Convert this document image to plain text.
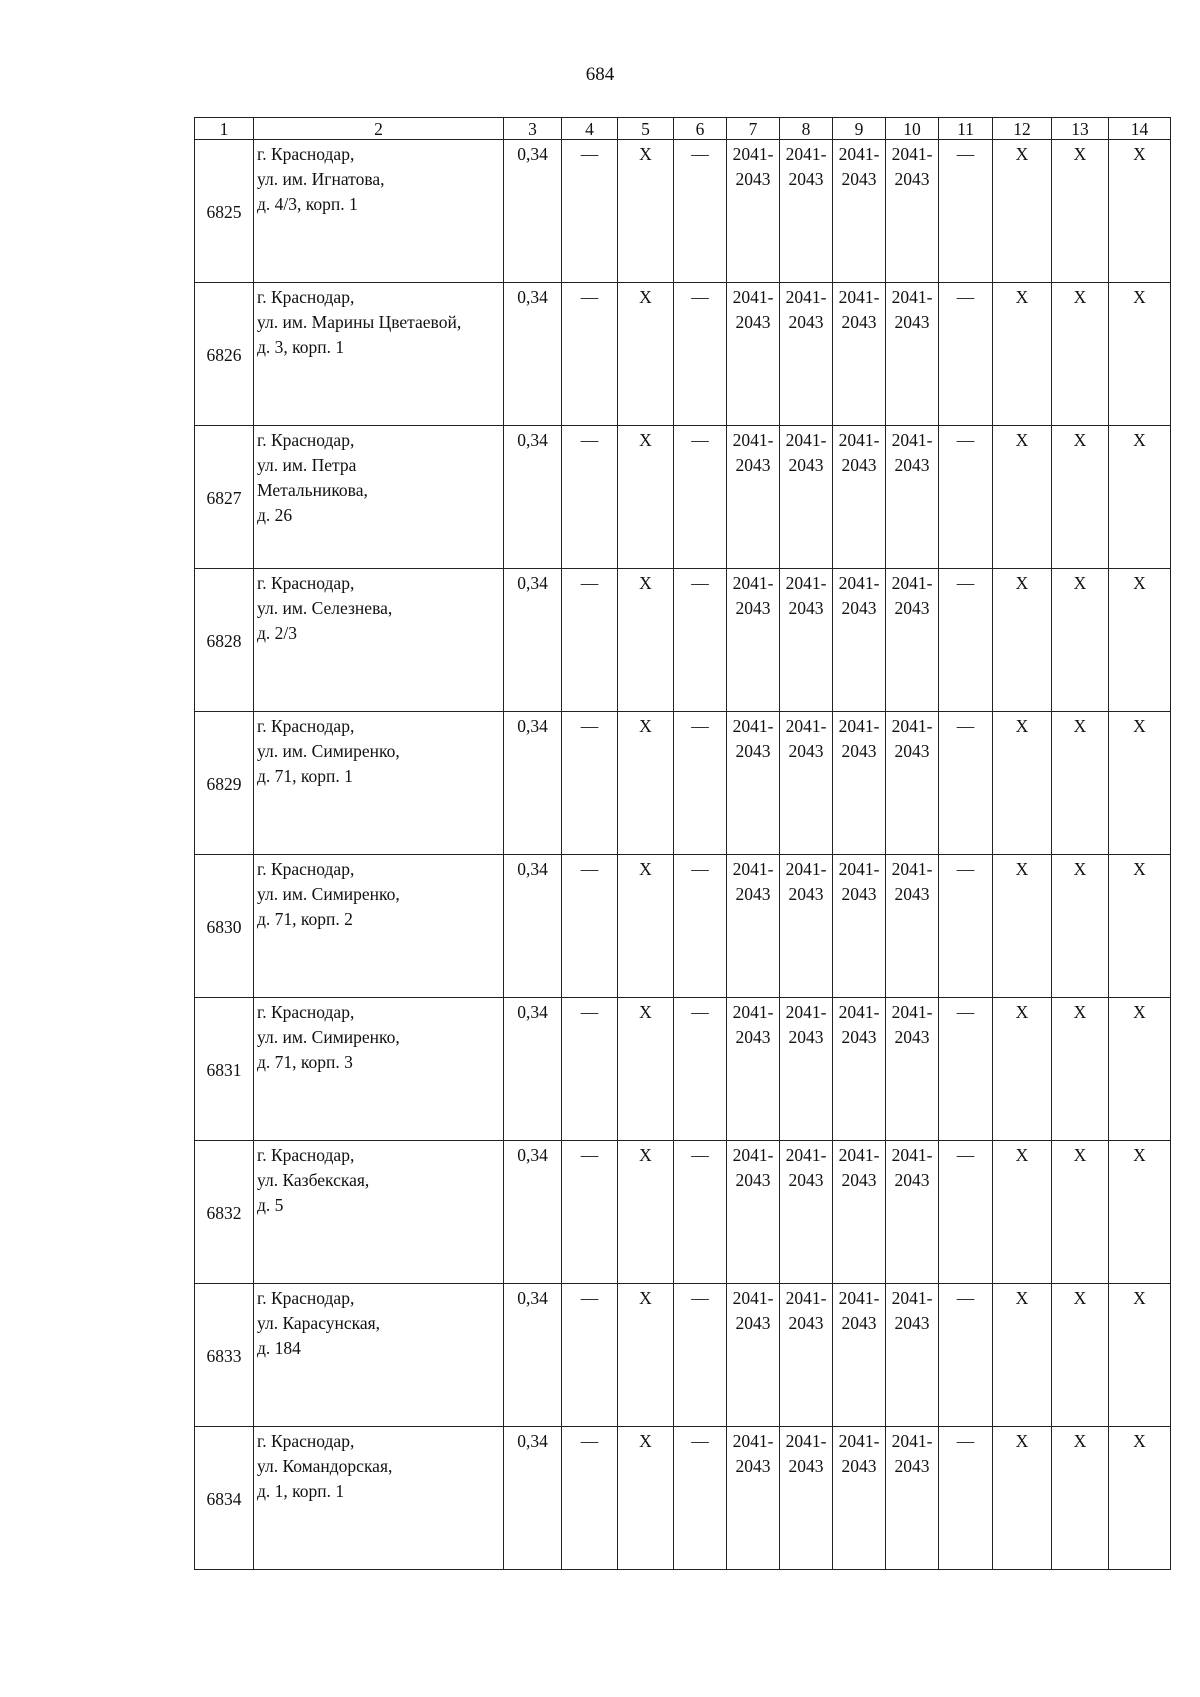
684
1	2	3	4	5	6	7	8	9	10	11	12	13	14
6825	г. Краснодар,
ул. им. Игнатова,
д. 4/3, корп. 1	0,34	—	Х	—	2041-2043	2041-2043	2041-2043	2041-2043	—	Х	Х	Х
6826	г. Краснодар,
ул. им. Марины Цветаевой,
д. 3, корп. 1	0,34	—	Х	—	2041-2043	2041-2043	2041-2043	2041-2043	—	Х	Х	Х
6827	г. Краснодар,
ул. им. Петра
Метальникова,
д. 26	0,34	—	Х	—	2041-2043	2041-2043	2041-2043	2041-2043	—	Х	Х	Х
6828	г. Краснодар,
ул. им. Селезнева,
д. 2/3	0,34	—	Х	—	2041-2043	2041-2043	2041-2043	2041-2043	—	Х	Х	Х
6829	г. Краснодар,
ул. им. Симиренко,
д. 71, корп. 1	0,34	—	Х	—	2041-2043	2041-2043	2041-2043	2041-2043	—	Х	Х	Х
6830	г. Краснодар,
ул. им. Симиренко,
д. 71, корп. 2	0,34	—	Х	—	2041-2043	2041-2043	2041-2043	2041-2043	—	Х	Х	Х
6831	г. Краснодар,
ул. им. Симиренко,
д. 71, корп. 3	0,34	—	Х	—	2041-2043	2041-2043	2041-2043	2041-2043	—	Х	Х	Х
6832	г. Краснодар,
ул. Казбекская,
д. 5	0,34	—	Х	—	2041-2043	2041-2043	2041-2043	2041-2043	—	Х	Х	Х
6833	г. Краснодар,
ул. Карасунская,
д. 184	0,34	—	Х	—	2041-2043	2041-2043	2041-2043	2041-2043	—	Х	Х	Х
6834	г. Краснодар,
ул. Командорская,
д. 1, корп. 1	0,34	—	Х	—	2041-2043	2041-2043	2041-2043	2041-2043	—	Х	Х	Х
